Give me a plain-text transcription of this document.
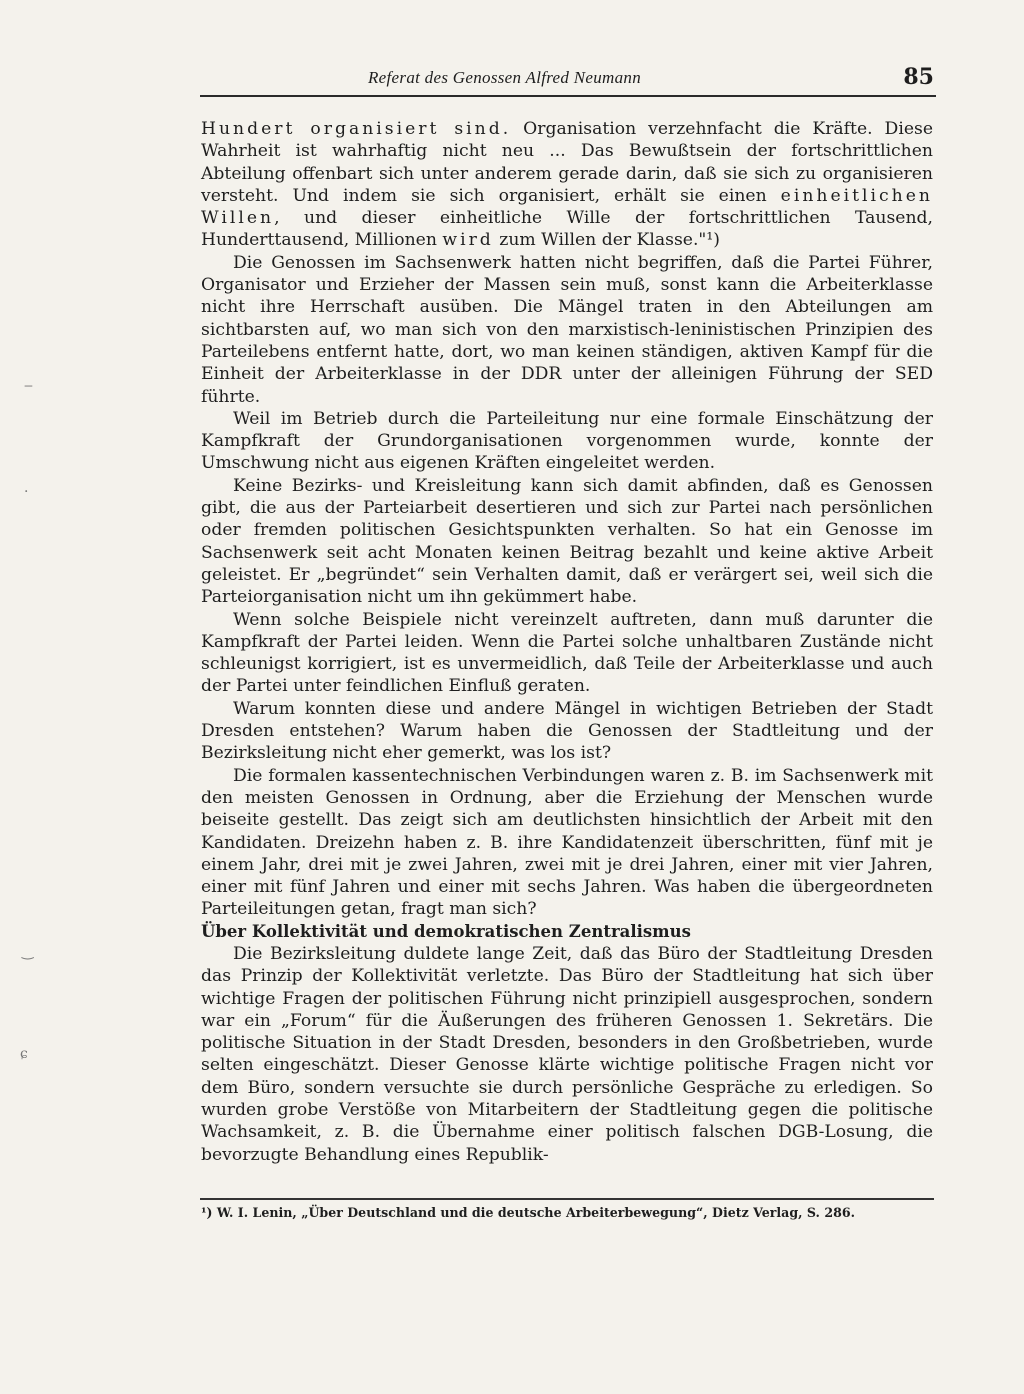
Referat des Genossen Alfred Neumann	85

Hundert organisiert sind. Organisation verzehnfacht die Kräfte. Diese Wahrheit ist wahrhaftig nicht neu ... Das Bewußtsein der fortschrittlichen Abteilung offenbart sich unter anderem gerade darin, daß sie sich zu organisieren versteht. Und indem sie sich organisiert, erhält sie einen einheitlichen Willen, und dieser einheitliche Wille der fortschrittlichen Tausend, Hunderttausend, Millionen wird zum Willen der Klasse."¹)

Die Genossen im Sachsenwerk hatten nicht begriffen, daß die Partei Führer, Organisator und Erzieher der Massen sein muß, sonst kann die Arbeiterklasse nicht ihre Herrschaft ausüben. Die Mängel traten in den Abteilungen am sichtbarsten auf, wo man sich von den marxistisch-leninistischen Prinzipien des Parteilebens entfernt hatte, dort, wo man keinen ständigen, aktiven Kampf für die Einheit der Arbeiterklasse in der DDR unter der alleinigen Führung der SED führte.

Weil im Betrieb durch die Parteileitung nur eine formale Einschätzung der Kampfkraft der Grundorganisationen vorgenommen wurde, konnte der Umschwung nicht aus eigenen Kräften eingeleitet werden.

Keine Bezirks- und Kreisleitung kann sich damit abfinden, daß es Genossen gibt, die aus der Parteiarbeit desertieren und sich zur Partei nach persönlichen oder fremden politischen Gesichtspunkten verhalten. So hat ein Genosse im Sachsenwerk seit acht Monaten keinen Beitrag bezahlt und keine aktive Arbeit geleistet. Er „begründet“ sein Verhalten damit, daß er verärgert sei, weil sich die Parteiorganisation nicht um ihn gekümmert habe.

Wenn solche Beispiele nicht vereinzelt auftreten, dann muß darunter die Kampfkraft der Partei leiden. Wenn die Partei solche unhaltbaren Zustände nicht schleunigst korrigiert, ist es unvermeidlich, daß Teile der Arbeiterklasse und auch der Partei unter feindlichen Einfluß geraten.

Warum konnten diese und andere Mängel in wichtigen Betrieben der Stadt Dresden entstehen? Warum haben die Genossen der Stadtleitung und der Bezirksleitung nicht eher gemerkt, was los ist?

Die formalen kassentechnischen Verbindungen waren z. B. im Sachsenwerk mit den meisten Genossen in Ordnung, aber die Erziehung der Menschen wurde beiseite gestellt. Das zeigt sich am deutlichsten hinsichtlich der Arbeit mit den Kandidaten. Dreizehn haben z. B. ihre Kandidatenzeit überschritten, fünf mit je einem Jahr, drei mit je zwei Jahren, zwei mit je drei Jahren, einer mit vier Jahren, einer mit fünf Jahren und einer mit sechs Jahren. Was haben die übergeordneten Parteileitungen getan, fragt man sich?

Über Kollektivität und demokratischen Zentralismus

Die Bezirksleitung duldete lange Zeit, daß das Büro der Stadtleitung Dresden das Prinzip der Kollektivität verletzte. Das Büro der Stadtleitung hat sich über wichtige Fragen der politischen Führung nicht prinzipiell ausgesprochen, sondern war ein „Forum“ für die Äußerungen des früheren Genossen 1. Sekretärs. Die politische Situation in der Stadt Dresden, besonders in den Großbetrieben, wurde selten eingeschätzt. Dieser Genosse klärte wichtige politische Fragen nicht vor dem Büro, sondern versuchte sie durch persönliche Gespräche zu erledigen. So wurden grobe Verstöße von Mitarbeitern der Stadtleitung gegen die politische Wachsamkeit, z. B. die Übernahme einer politisch falschen DGB-Losung, die bevorzugte Behandlung eines Republik-

¹) W. I. Lenin, „Über Deutschland und die deutsche Arbeiterbewegung“, Dietz Verlag, S. 286.
‒
·
‿
ɕ
